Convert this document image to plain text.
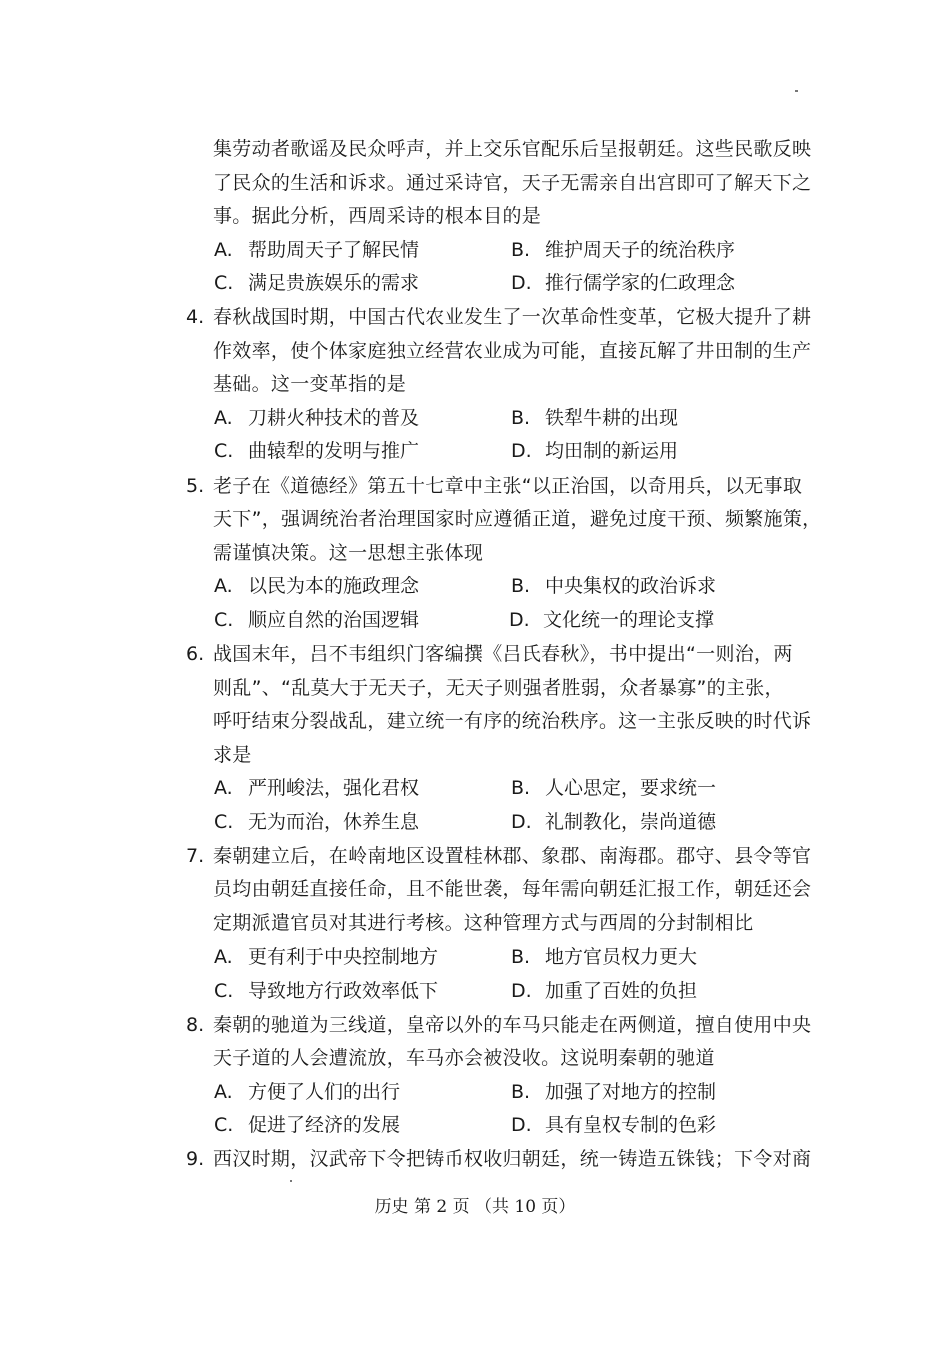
集劳动者歌谣及民众呼声，并上交乐官配乐后呈报朝廷。这些民歌反映
了民众的生活和诉求。通过采诗官，天子无需亲自出宫即可了解天下之
事。据此分析，西周采诗的根本目的是
A. 帮助周天子了解民情	B. 维护周天子的统治秩序
C. 满足贵族娱乐的需求	D. 推行儒学家的仁政理念
4. 春秋战国时期，中国古代农业发生了一次革命性变革，它极大提升了耕
作效率，使个体家庭独立经营农业成为可能，直接瓦解了井田制的生产
基础。这一变革指的是
A. 刀耕火种技术的普及	B. 铁犁牛耕的出现
C. 曲辕犁的发明与推广	D. 均田制的新运用
5. 老子在《道德经》第五十七章中主张“以正治国，以奇用兵，以无事取
天下”，强调统治者治理国家时应遵循正道，避免过度干预、频繁施策，
需谨慎决策。这一思想主张体现
A. 以民为本的施政理念	B. 中央集权的政治诉求
C. 顺应自然的治国逻辑	D. 文化统一的理论支撑
6. 战国末年，吕不韦组织门客编撰《吕氏春秋》，书中提出“一则治，两
则乱”、“乱莫大于无天子，无天子则强者胜弱，众者暴寡”的主张，
呼吁结束分裂战乱，建立统一有序的统治秩序。这一主张反映的时代诉
求是
A. 严刑峻法，强化君权	B. 人心思定，要求统一
C. 无为而治，休养生息	D. 礼制教化，崇尚道德
7. 秦朝建立后，在岭南地区设置桂林郡、象郡、南海郡。郡守、县令等官
员均由朝廷直接任命，且不能世袭，每年需向朝廷汇报工作，朝廷还会
定期派遣官员对其进行考核。这种管理方式与西周的分封制相比
A. 更有利于中央控制地方	B. 地方官员权力更大
C. 导致地方行政效率低下	D. 加重了百姓的负担
8. 秦朝的驰道为三线道，皇帝以外的车马只能走在两侧道，擅自使用中央
天子道的人会遭流放，车马亦会被没收。这说明秦朝的驰道
A. 方便了人们的出行	B. 加强了对地方的控制
C. 促进了经济的发展	D. 具有皇权专制的色彩
9. 西汉时期，汉武帝下令把铸币权收归朝廷，统一铸造五铢钱；下令对商
历史 第 2 页 （共 10 页）
